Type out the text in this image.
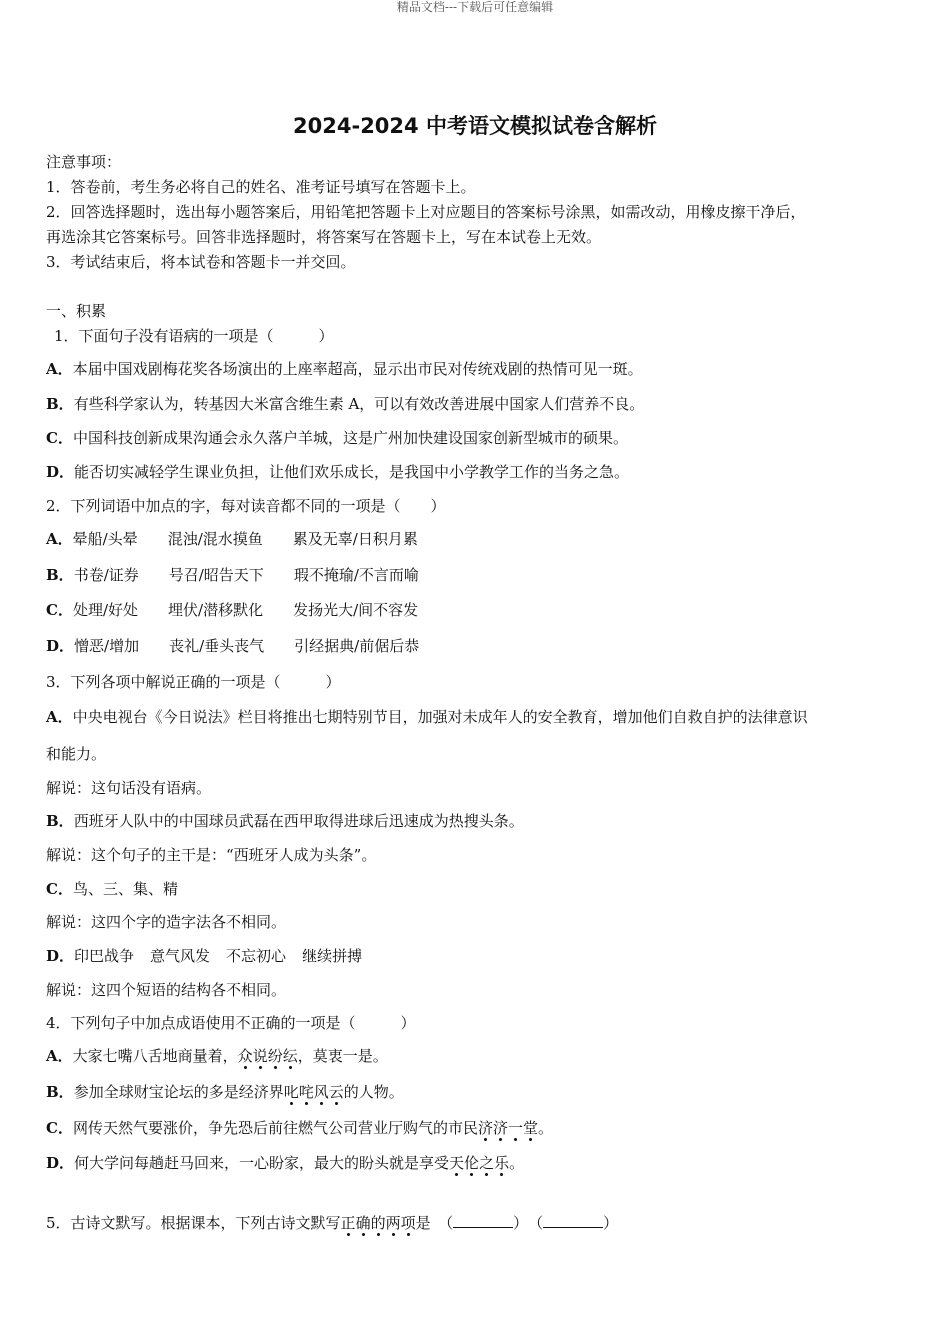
精品文档---下载后可任意编辑
2024-2024 中考语文模拟试卷含解析
注意事项：
1．答卷前，考生务必将自己的姓名、准考证号填写在答题卡上。
2．回答选择题时，选出每小题答案后，用铅笔把答题卡上对应题目的答案标号涂黑，如需改动，用橡皮擦干净后，
再选涂其它答案标号。回答非选择题时，将答案写在答题卡上，写在本试卷上无效。
3．考试结束后，将本试卷和答题卡一并交回。
一、积累
1．下面句子没有语病的一项是（　　　）
A．本届中国戏剧梅花奖各场演出的上座率超高，显示出市民对传统戏剧的热情可见一斑。
B．有些科学家认为，转基因大米富含维生素 A，可以有效改善进展中国家人们营养不良。
C．中国科技创新成果沟通会永久落户羊城，这是广州加快建设国家创新型城市的硕果。
D．能否切实减轻学生课业负担，让他们欢乐成长，是我国中小学教学工作的当务之急。
2．下列词语中加点的字，每对读音都不同的一项是（　　）
A．晕船/头晕 混浊/混水摸鱼 累及无辜/日积月累
B．书卷/证券 号召/昭告天下 瑕不掩瑜/不言而喻
C．处理/好处 埋伏/潜移默化 发扬光大/间不容发
D．憎恶/增加 丧礼/垂头丧气 引经据典/前倨后恭
3．下列各项中解说正确的一项是（　　　）
A．中央电视台《今日说法》栏目将推出七期特别节目，加强对未成年人的安全教育，增加他们自救自护的法律意识
和能力。
解说：这句话没有语病。
B．西班牙人队中的中国球员武磊在西甲取得进球后迅速成为热搜头条。
解说：这个句子的主干是：“西班牙人成为头条”。
C．鸟、三、集、精
解说：这四个字的造字法各不相同。
D．印巴战争 意气风发 不忘初心 继续拼搏
解说：这四个短语的结构各不相同。
4．下列句子中加点成语使用不正确的一项是（　　　）
A．大家七嘴八舌地商量着，众说纷纭，莫衷一是。
B．参加全球财宝论坛的多是经济界叱咤风云的人物。
C．网传天然气要涨价，争先恐后前往燃气公司营业厅购气的市民济济一堂。
D．何大学问每趟赶马回来，一心盼家，最大的盼头就是享受天伦之乐。
5．古诗文默写。根据课本，下列古诗文默写正确的两项是　（	）　（	）
